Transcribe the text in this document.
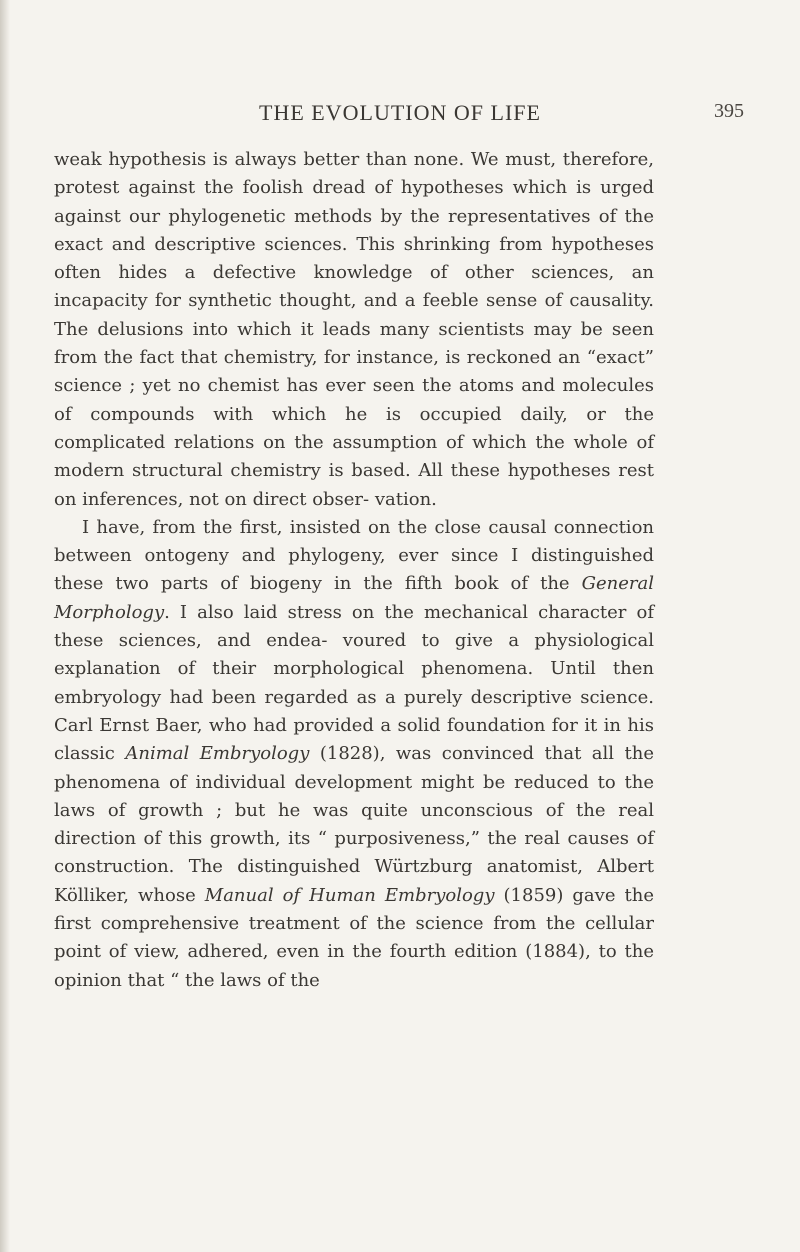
THE EVOLUTION OF LIFE	395

weak hypothesis is always better than none. We must, therefore, protest against the foolish dread of hypotheses which is urged against our phylogenetic methods by the representatives of the exact and descriptive sciences. This shrinking from hypotheses often hides a defective knowledge of other sciences, an incapacity for synthetic thought, and a feeble sense of causality. The delusions into which it leads many scientists may be seen from the fact that chemistry, for instance, is reckoned an “exact” science ; yet no chemist has ever seen the atoms and molecules of compounds with which he is occupied daily, or the complicated relations on the assumption of which the whole of modern structural chemistry is based. All these hypotheses rest on inferences, not on direct obser- vation.

I have, from the first, insisted on the close causal connection between ontogeny and phylogeny, ever since I distinguished these two parts of biogeny in the fifth book of the General Morphology. I also laid stress on the mechanical character of these sciences, and endea- voured to give a physiological explanation of their morphological phenomena. Until then embryology had been regarded as a purely descriptive science. Carl Ernst Baer, who had provided a solid foundation for it in his classic Animal Embryology (1828), was convinced that all the phenomena of individual development might be reduced to the laws of growth ; but he was quite unconscious of the real direction of this growth, its “ purposiveness,” the real causes of construction. The distinguished Würtzburg anatomist, Albert Kölliker, whose Manual of Human Embryology (1859) gave the first comprehensive treatment of the science from the cellular point of view, adhered, even in the fourth edition (1884), to the opinion that “ the laws of the
